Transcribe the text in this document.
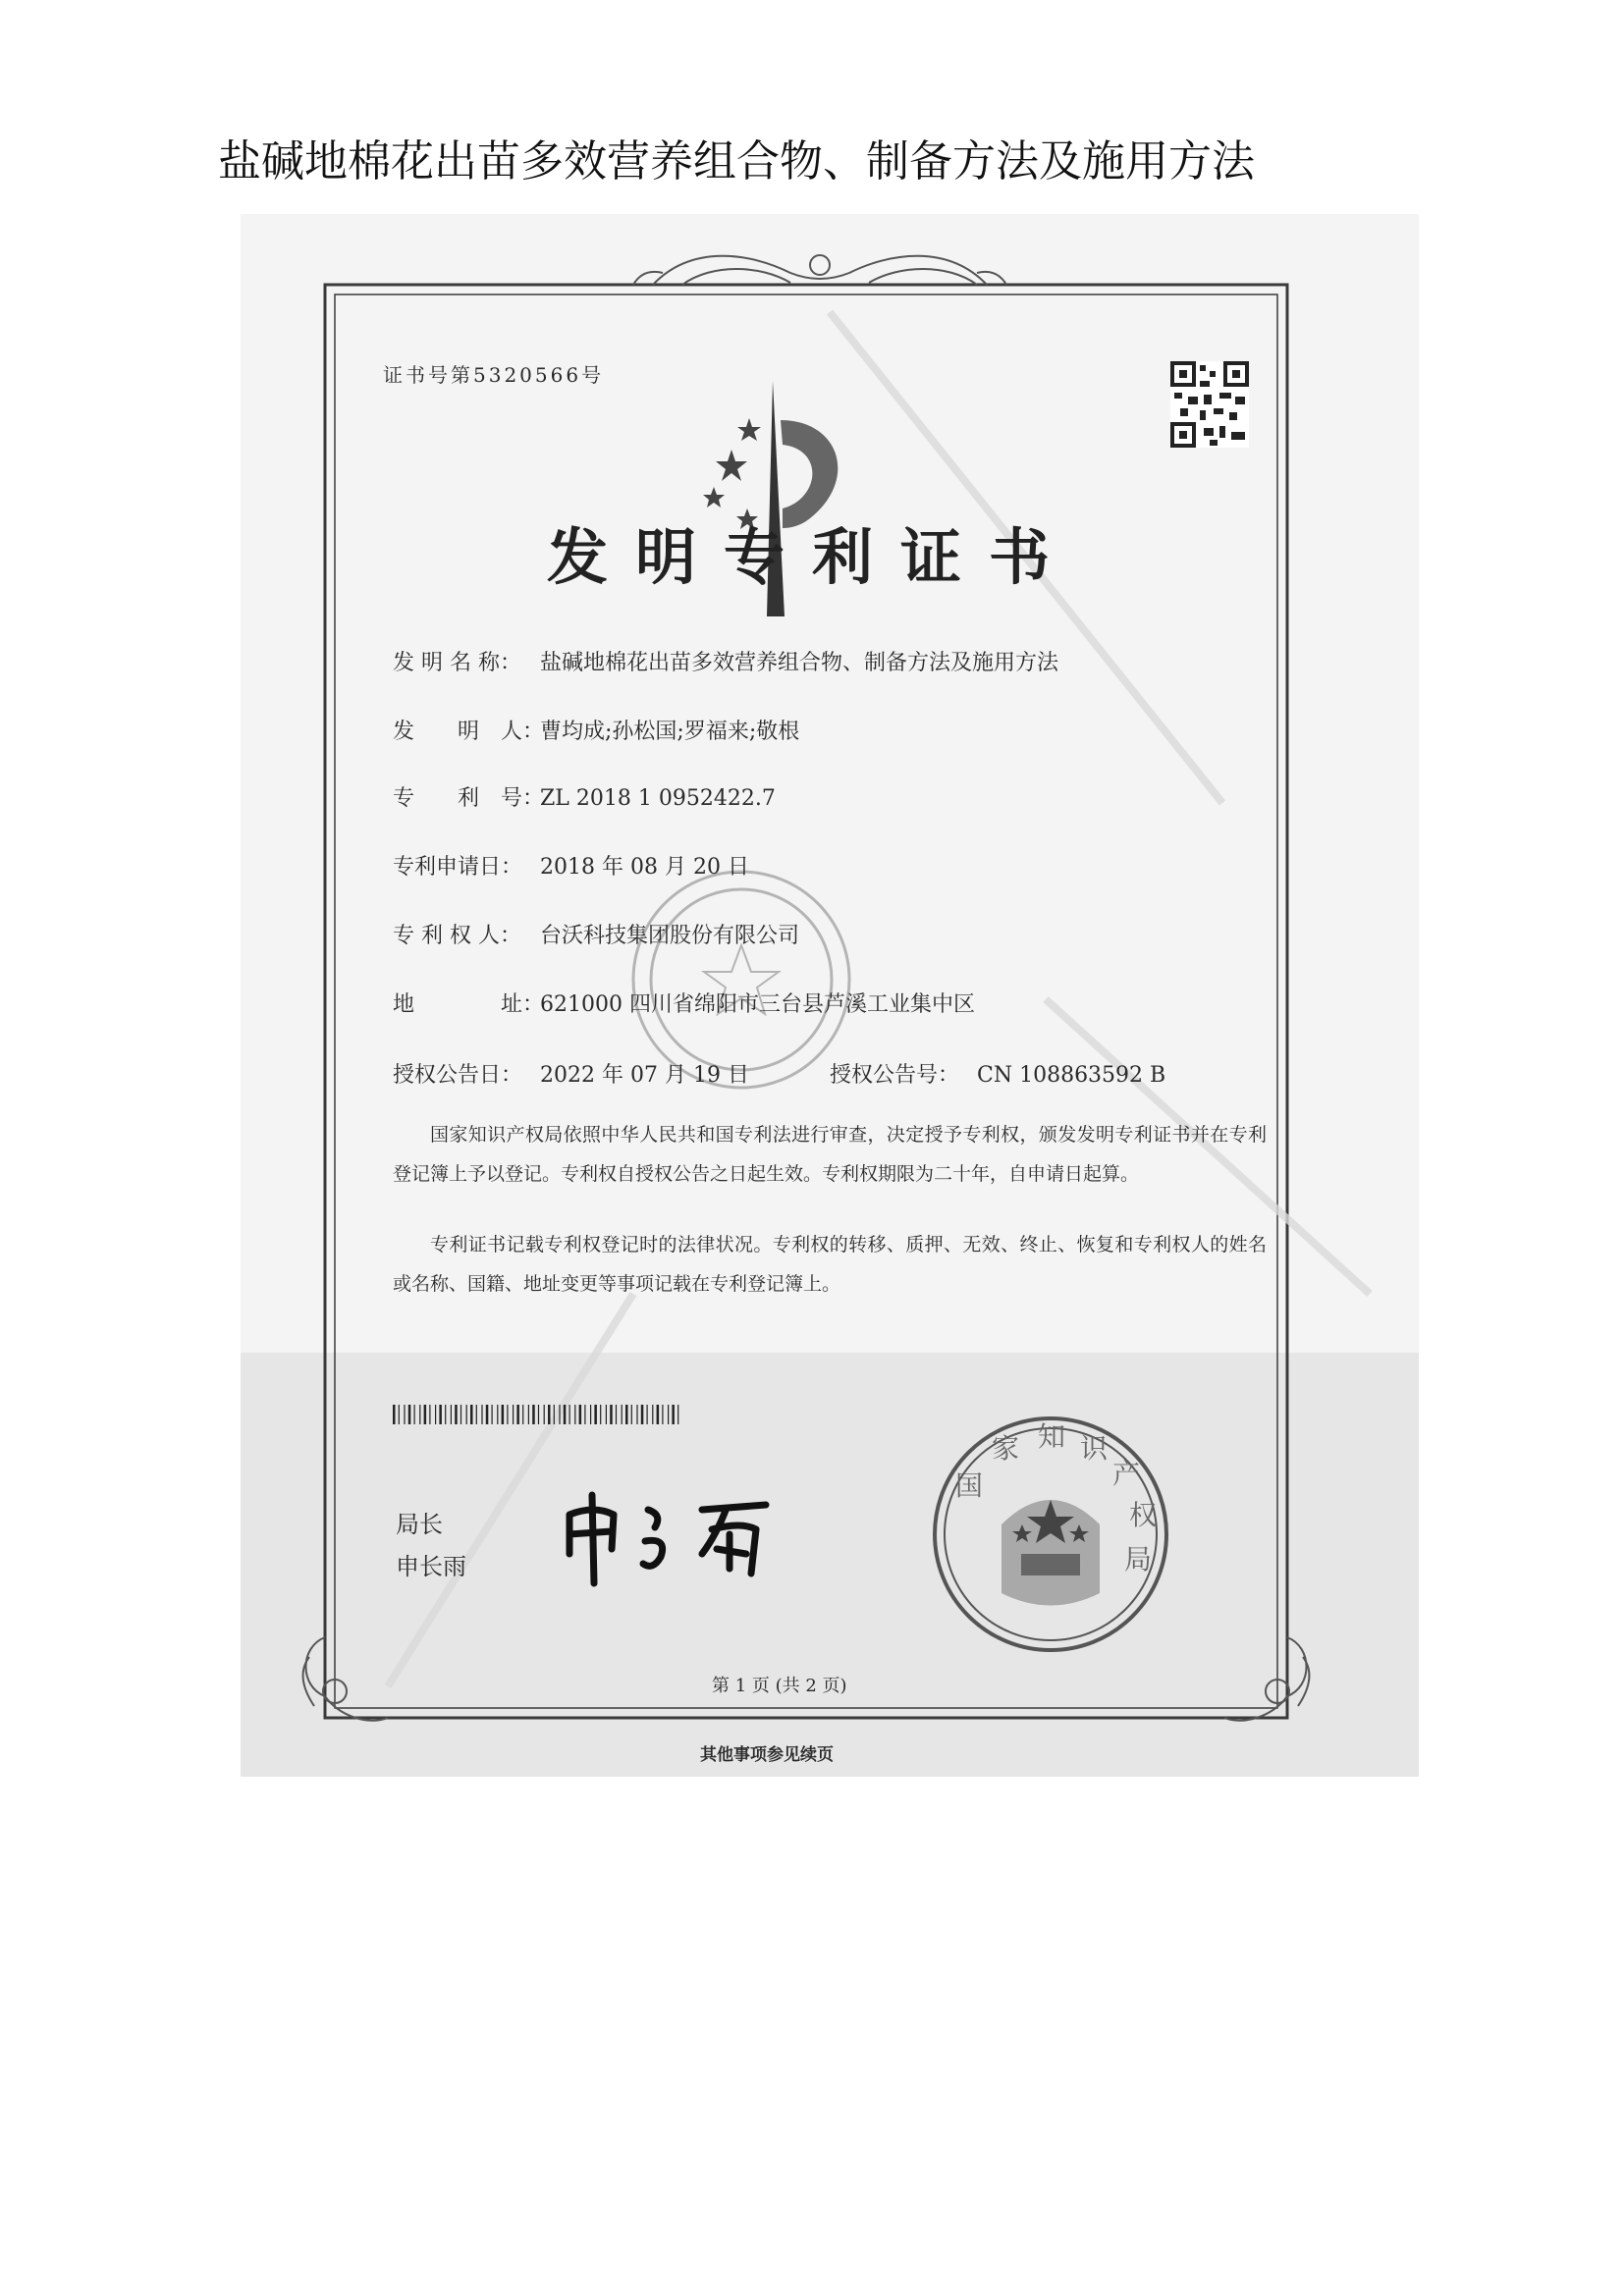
盐碱地棉花出苗多效营养组合物、制备方法及施用方法
证书号第5320566号
发明专利证书
发 明 名 称： 盐碱地棉花出苗多效营养组合物、制备方法及施用方法
发　　明　人：曹均成;孙松国;罗福来;敬根
专　　利　号：ZL 2018 1 0952422.7
专利申请日： 2018 年 08 月 20 日
专 利 权 人： 台沃科技集团股份有限公司
地　　　　址：621000 四川省绵阳市三台县芦溪工业集中区
授权公告日： 2022 年 07 月 19 日	授权公告号： CN 108863592 B
国家知识产权局依照中华人民共和国专利法进行审查，决定授予专利权，颁发发明专利证书并在专利登记簿上予以登记。专利权自授权公告之日起生效。专利权期限为二十年，自申请日起算。
专利证书记载专利权登记时的法律状况。专利权的转移、质押、无效、终止、恢复和专利权人的姓名或名称、国籍、地址变更等事项记载在专利登记簿上。
局长
申长雨
知 识
产
权
局
家
国
第 1 页 (共 2 页)
其他事项参见续页
